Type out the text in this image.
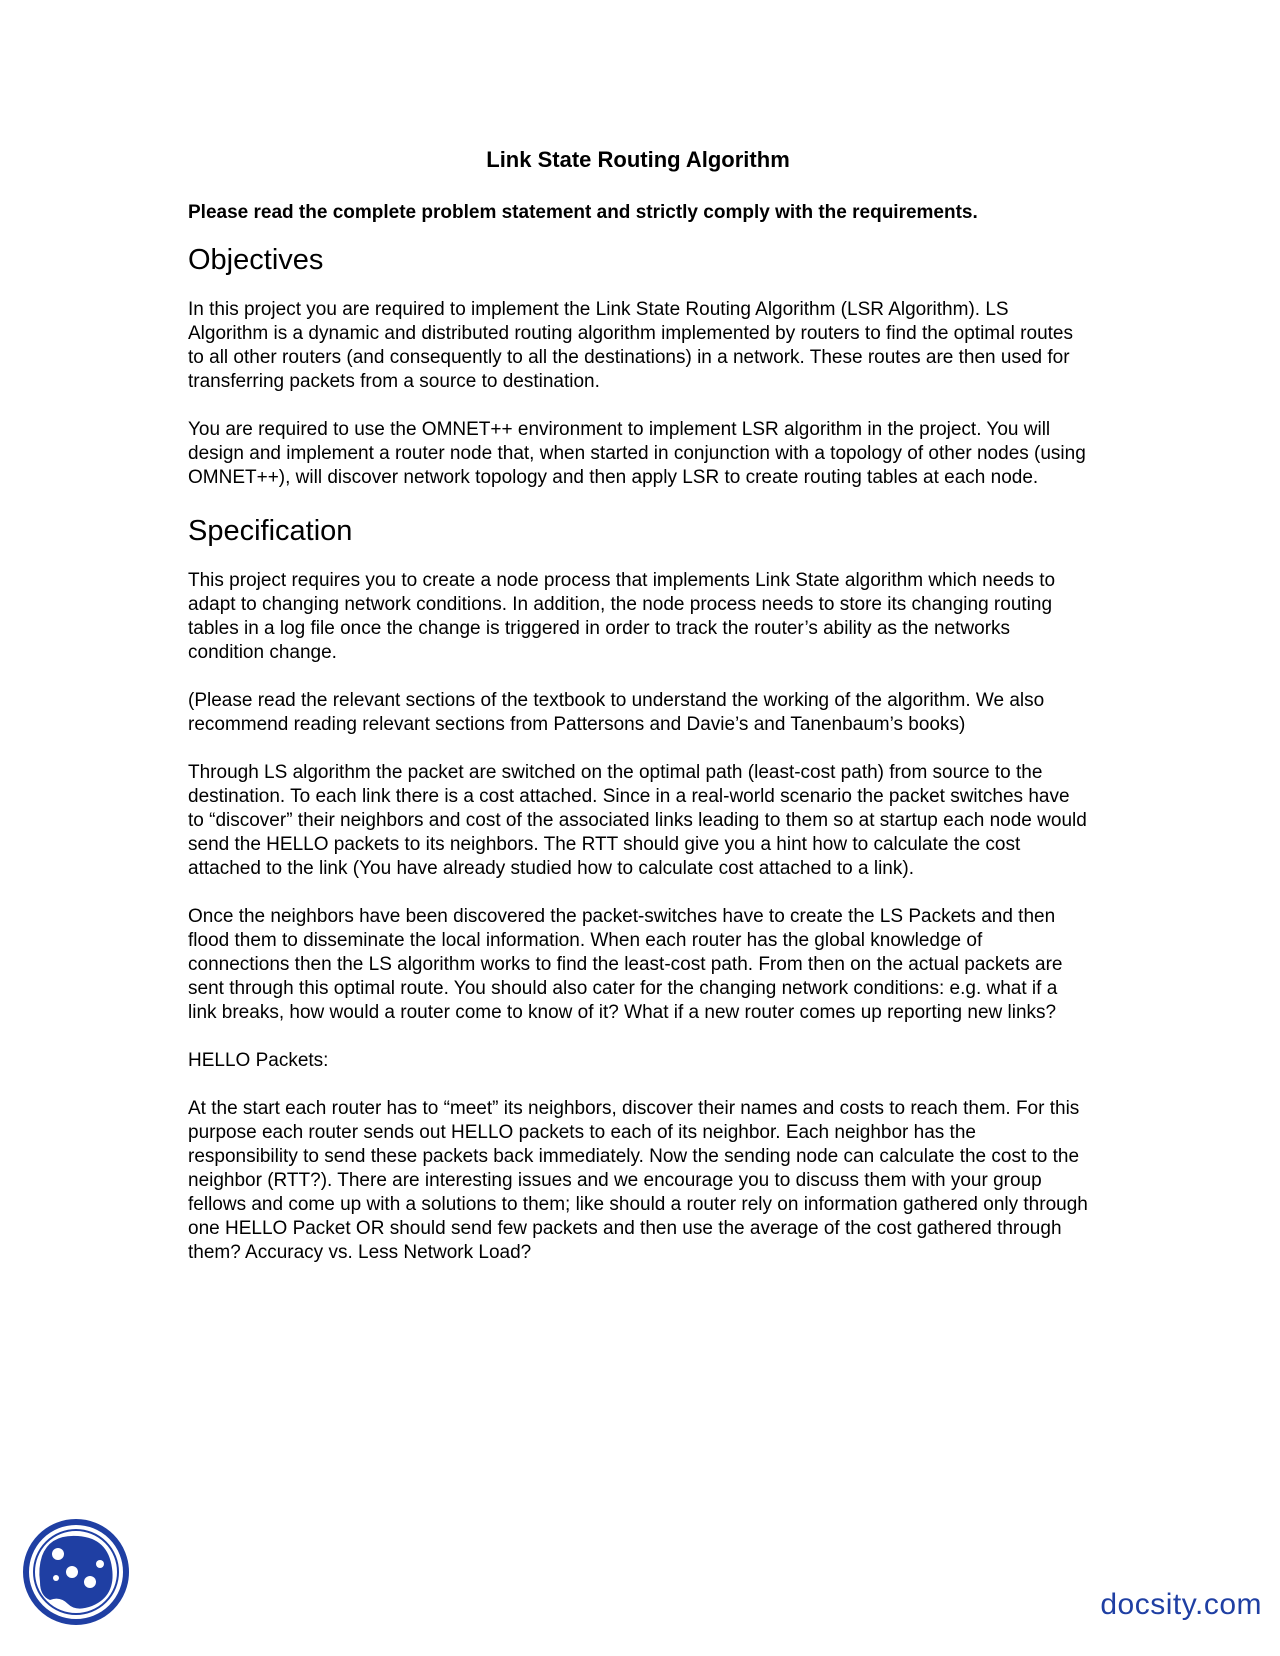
Link State Routing Algorithm
Please read the complete problem statement and strictly comply with the requirements.
Objectives

In this project you are required to implement the Link State Routing Algorithm (LSR Algorithm). LS Algorithm is a dynamic and distributed routing algorithm implemented by routers to find the optimal routes to all other routers (and consequently to all the destinations) in a network. These routes are then used for transferring packets from a source to destination.

You are required to use the OMNET++ environment to implement LSR algorithm in the project. You will design and implement a router node that, when started in conjunction with a topology of other nodes (using OMNET++), will discover network topology and then apply LSR to create routing tables at each node.

Specification

This project requires you to create a node process that implements Link State algorithm which needs to adapt to changing network conditions. In addition, the node process needs to store its changing routing tables in a log file once the change is triggered in order to track the router’s ability as the networks condition change.

(Please read the relevant sections of the textbook to understand the working of the algorithm. We also recommend reading relevant sections from Pattersons and Davie’s and Tanenbaum’s books)

Through LS algorithm the packet are switched on the optimal path (least-cost path) from source to the destination. To each link there is a cost attached. Since in a real-world scenario the packet switches have to “discover” their neighbors and cost of the associated links leading to them so at startup each node would send the HELLO packets to its neighbors. The RTT should give you a hint how to calculate the cost attached to the link (You have already studied how to calculate cost attached to a link).

Once the neighbors have been discovered the packet-switches have to create the LS Packets and then flood them to disseminate the local information. When each router has the global knowledge of connections then the LS algorithm works to find the least-cost path. From then on the actual packets are sent through this optimal route. You should also cater for the changing network conditions: e.g. what if a link breaks, how would a router come to know of it? What if a new router comes up reporting new links?

HELLO Packets:

At the start each router has to “meet” its neighbors, discover their names and costs to reach them. For this purpose each router sends out HELLO packets to each of its neighbor. Each neighbor has the responsibility to send these packets back immediately. Now the sending node can calculate the cost to the neighbor (RTT?). There are interesting issues and we encourage you to discuss them with your group fellows and come up with a solutions to them; like should a router rely on information gathered only through one HELLO Packet OR should send few packets and then use the average of the cost gathered through them? Accuracy vs. Less Network Load?

docsity.com
